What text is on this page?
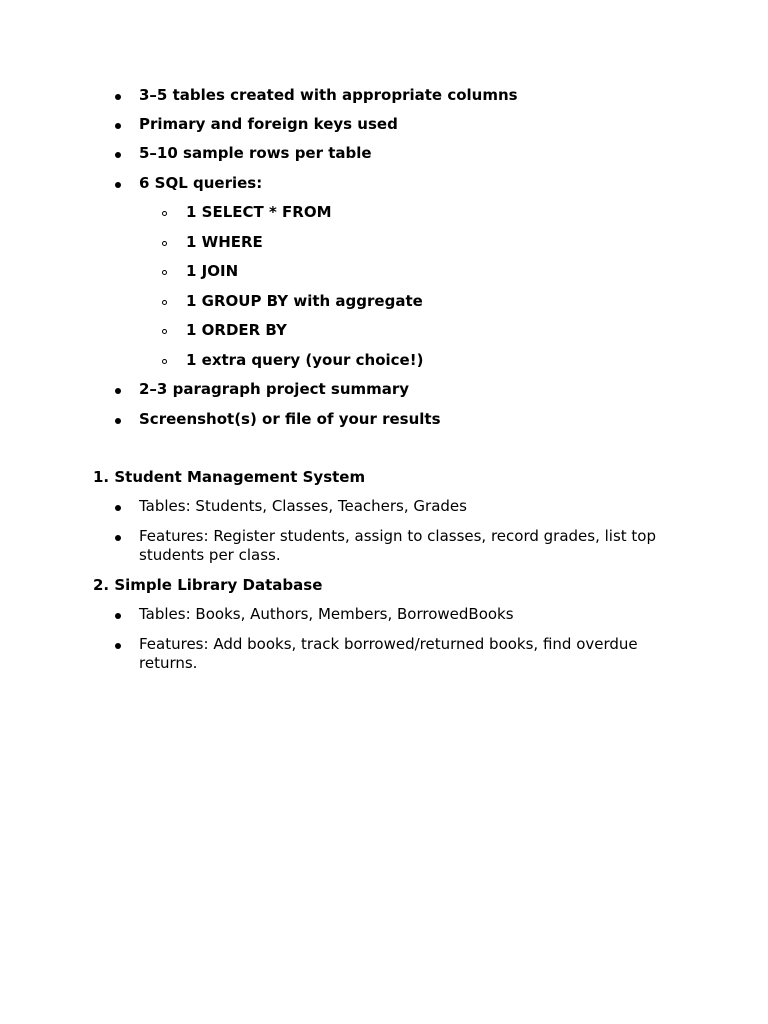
3–5 tables created with appropriate columns
Primary and foreign keys used
5–10 sample rows per table
6 SQL queries:
1 SELECT * FROM
1 WHERE
1 JOIN
1 GROUP BY with aggregate
1 ORDER BY
1 extra query (your choice!)
2–3 paragraph project summary
Screenshot(s) or file of your results
1. Student Management System
Tables: Students, Classes, Teachers, Grades
Features: Register students, assign to classes, record grades, list top students per class.
2. Simple Library Database
Tables: Books, Authors, Members, BorrowedBooks
Features: Add books, track borrowed/returned books, find overdue returns.
